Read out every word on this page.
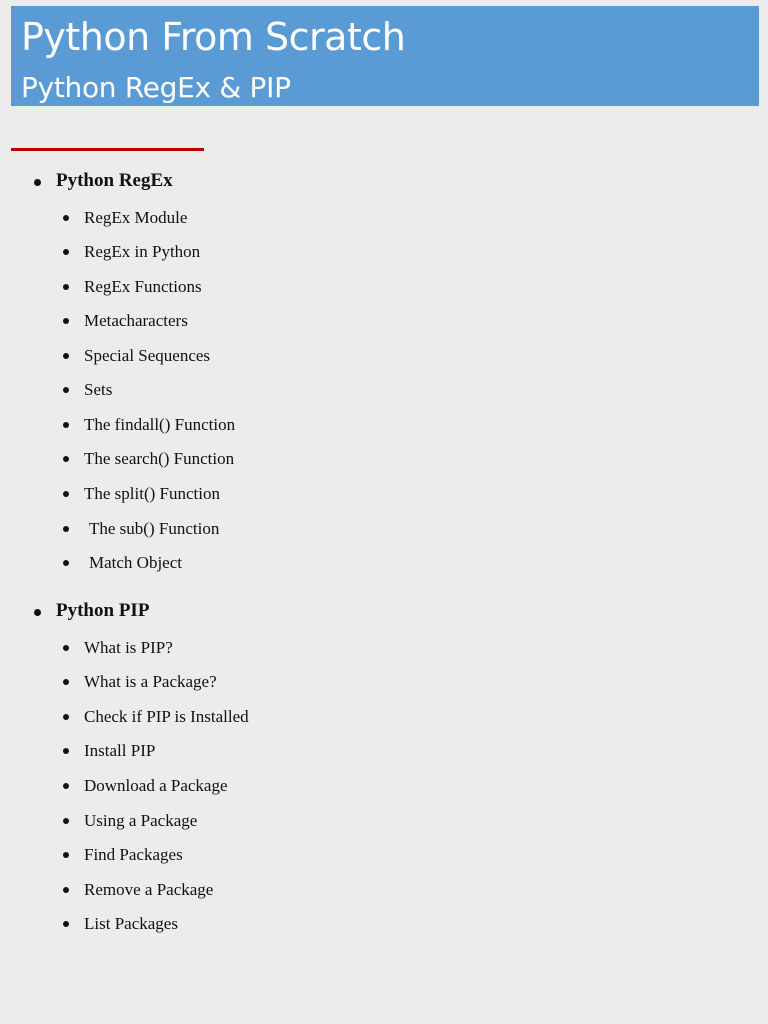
Python From Scratch
Python RegEx & PIP
Python RegEx
RegEx Module
RegEx in Python
RegEx Functions
Metacharacters
Special Sequences
Sets
The findall() Function
The search() Function
The split() Function
The sub() Function
Match Object
Python PIP
What is PIP?
What is a Package?
Check if PIP is Installed
Install PIP
Download a Package
Using a Package
Find Packages
Remove a Package
List Packages
